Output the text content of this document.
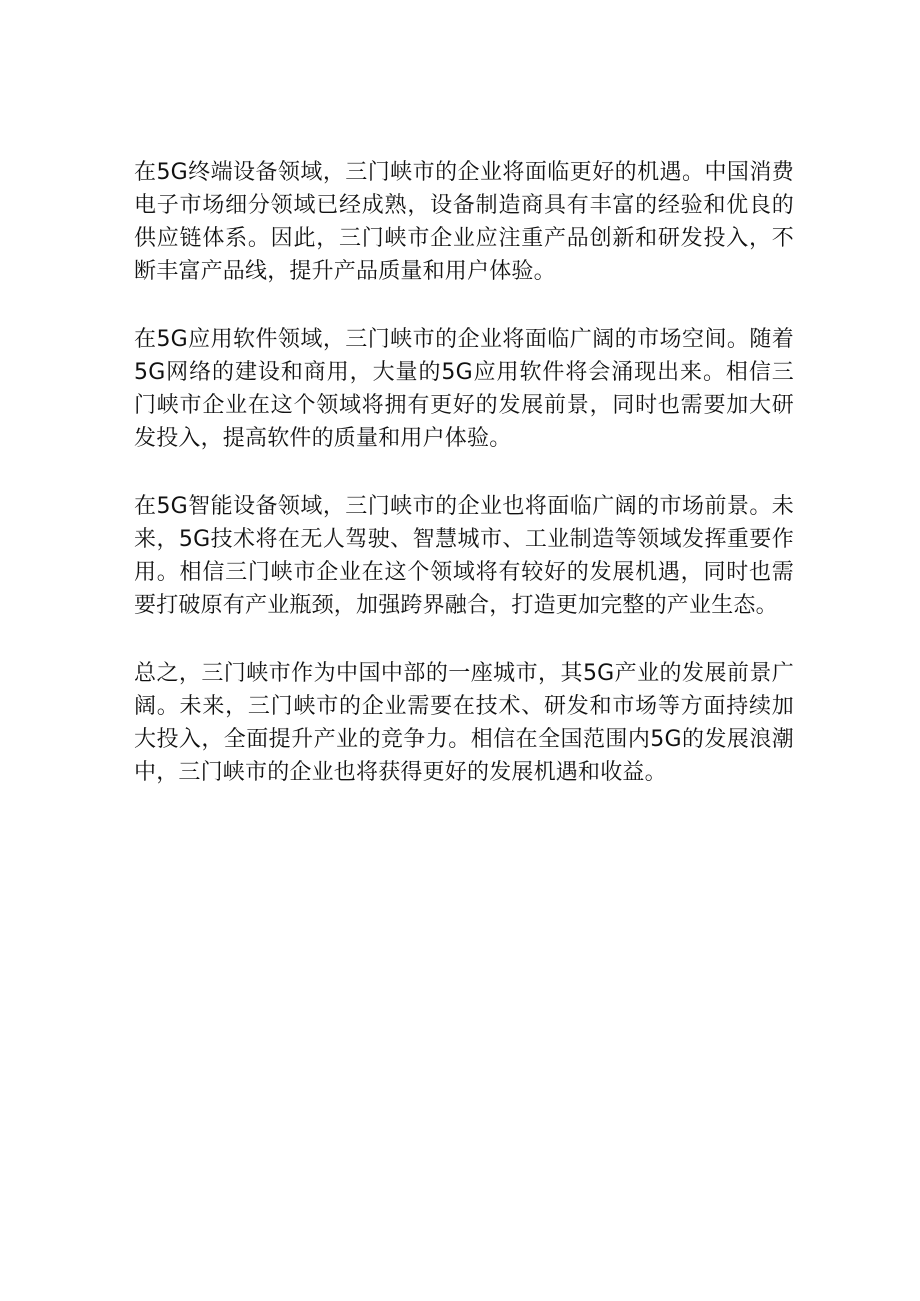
在5G终端设备领域，三门峡市的企业将面临更好的机遇。中国消费电子市场细分领域已经成熟，设备制造商具有丰富的经验和优良的供应链体系。因此，三门峡市企业应注重产品创新和研发投入，不断丰富产品线，提升产品质量和用户体验。

在5G应用软件领域，三门峡市的企业将面临广阔的市场空间。随着5G网络的建设和商用，大量的5G应用软件将会涌现出来。相信三门峡市企业在这个领域将拥有更好的发展前景，同时也需要加大研发投入，提高软件的质量和用户体验。

在5G智能设备领域，三门峡市的企业也将面临广阔的市场前景。未来，5G技术将在无人驾驶、智慧城市、工业制造等领域发挥重要作用。相信三门峡市企业在这个领域将有较好的发展机遇，同时也需要打破原有产业瓶颈，加强跨界融合，打造更加完整的产业生态。

总之，三门峡市作为中国中部的一座城市，其5G产业的发展前景广阔。未来，三门峡市的企业需要在技术、研发和市场等方面持续加大投入，全面提升产业的竞争力。相信在全国范围内5G的发展浪潮中，三门峡市的企业也将获得更好的发展机遇和收益。
